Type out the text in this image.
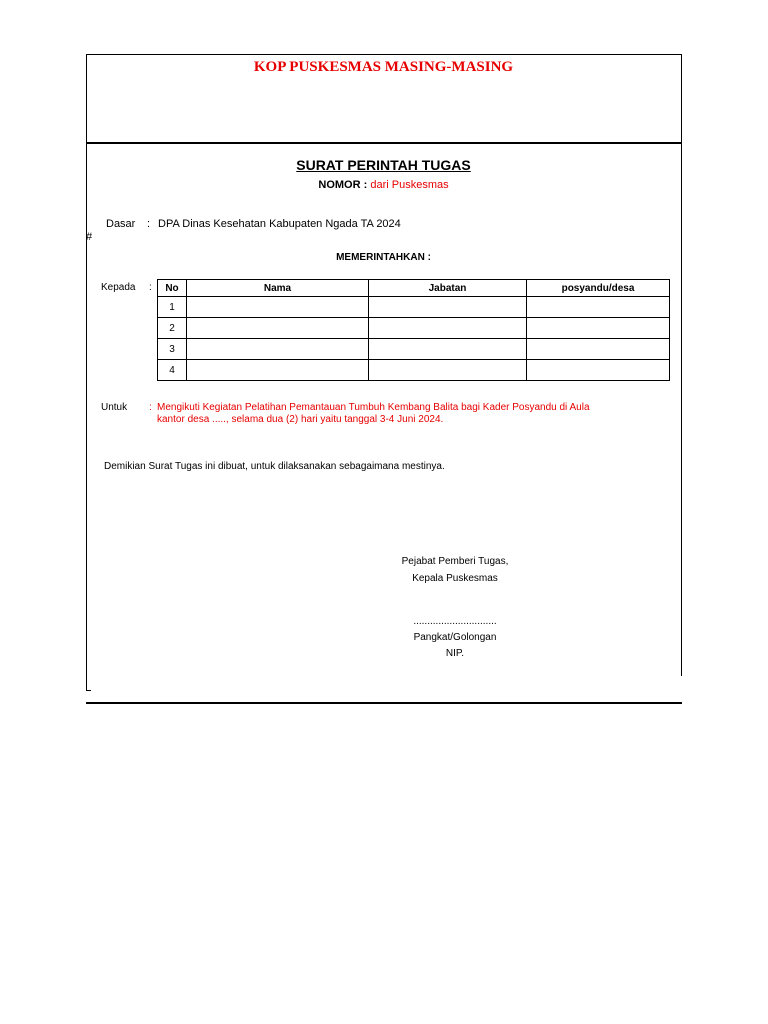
KOP PUSKESMAS MASING-MASING
SURAT PERINTAH TUGAS
NOMOR : dari Puskesmas
Dasar : DPA Dinas Kesehatan Kabupaten Ngada TA 2024
#
MEMERINTAHKAN :
Kepada : No	Nama	Jabatan	posyandu/desa
1			
2			
3			
4			
Untuk : Mengikuti Kegiatan Pelatihan Pemantauan Tumbuh Kembang Balita bagi Kader Posyandu di Aula
kantor desa ....., selama dua (2) hari yaitu tanggal 3-4 Juni 2024.
Demikian Surat Tugas ini dibuat, untuk dilaksanakan sebagaimana mestinya.
Pejabat Pemberi Tugas,
Kepala Puskesmas
..............................
Pangkat/Golongan
NIP.
